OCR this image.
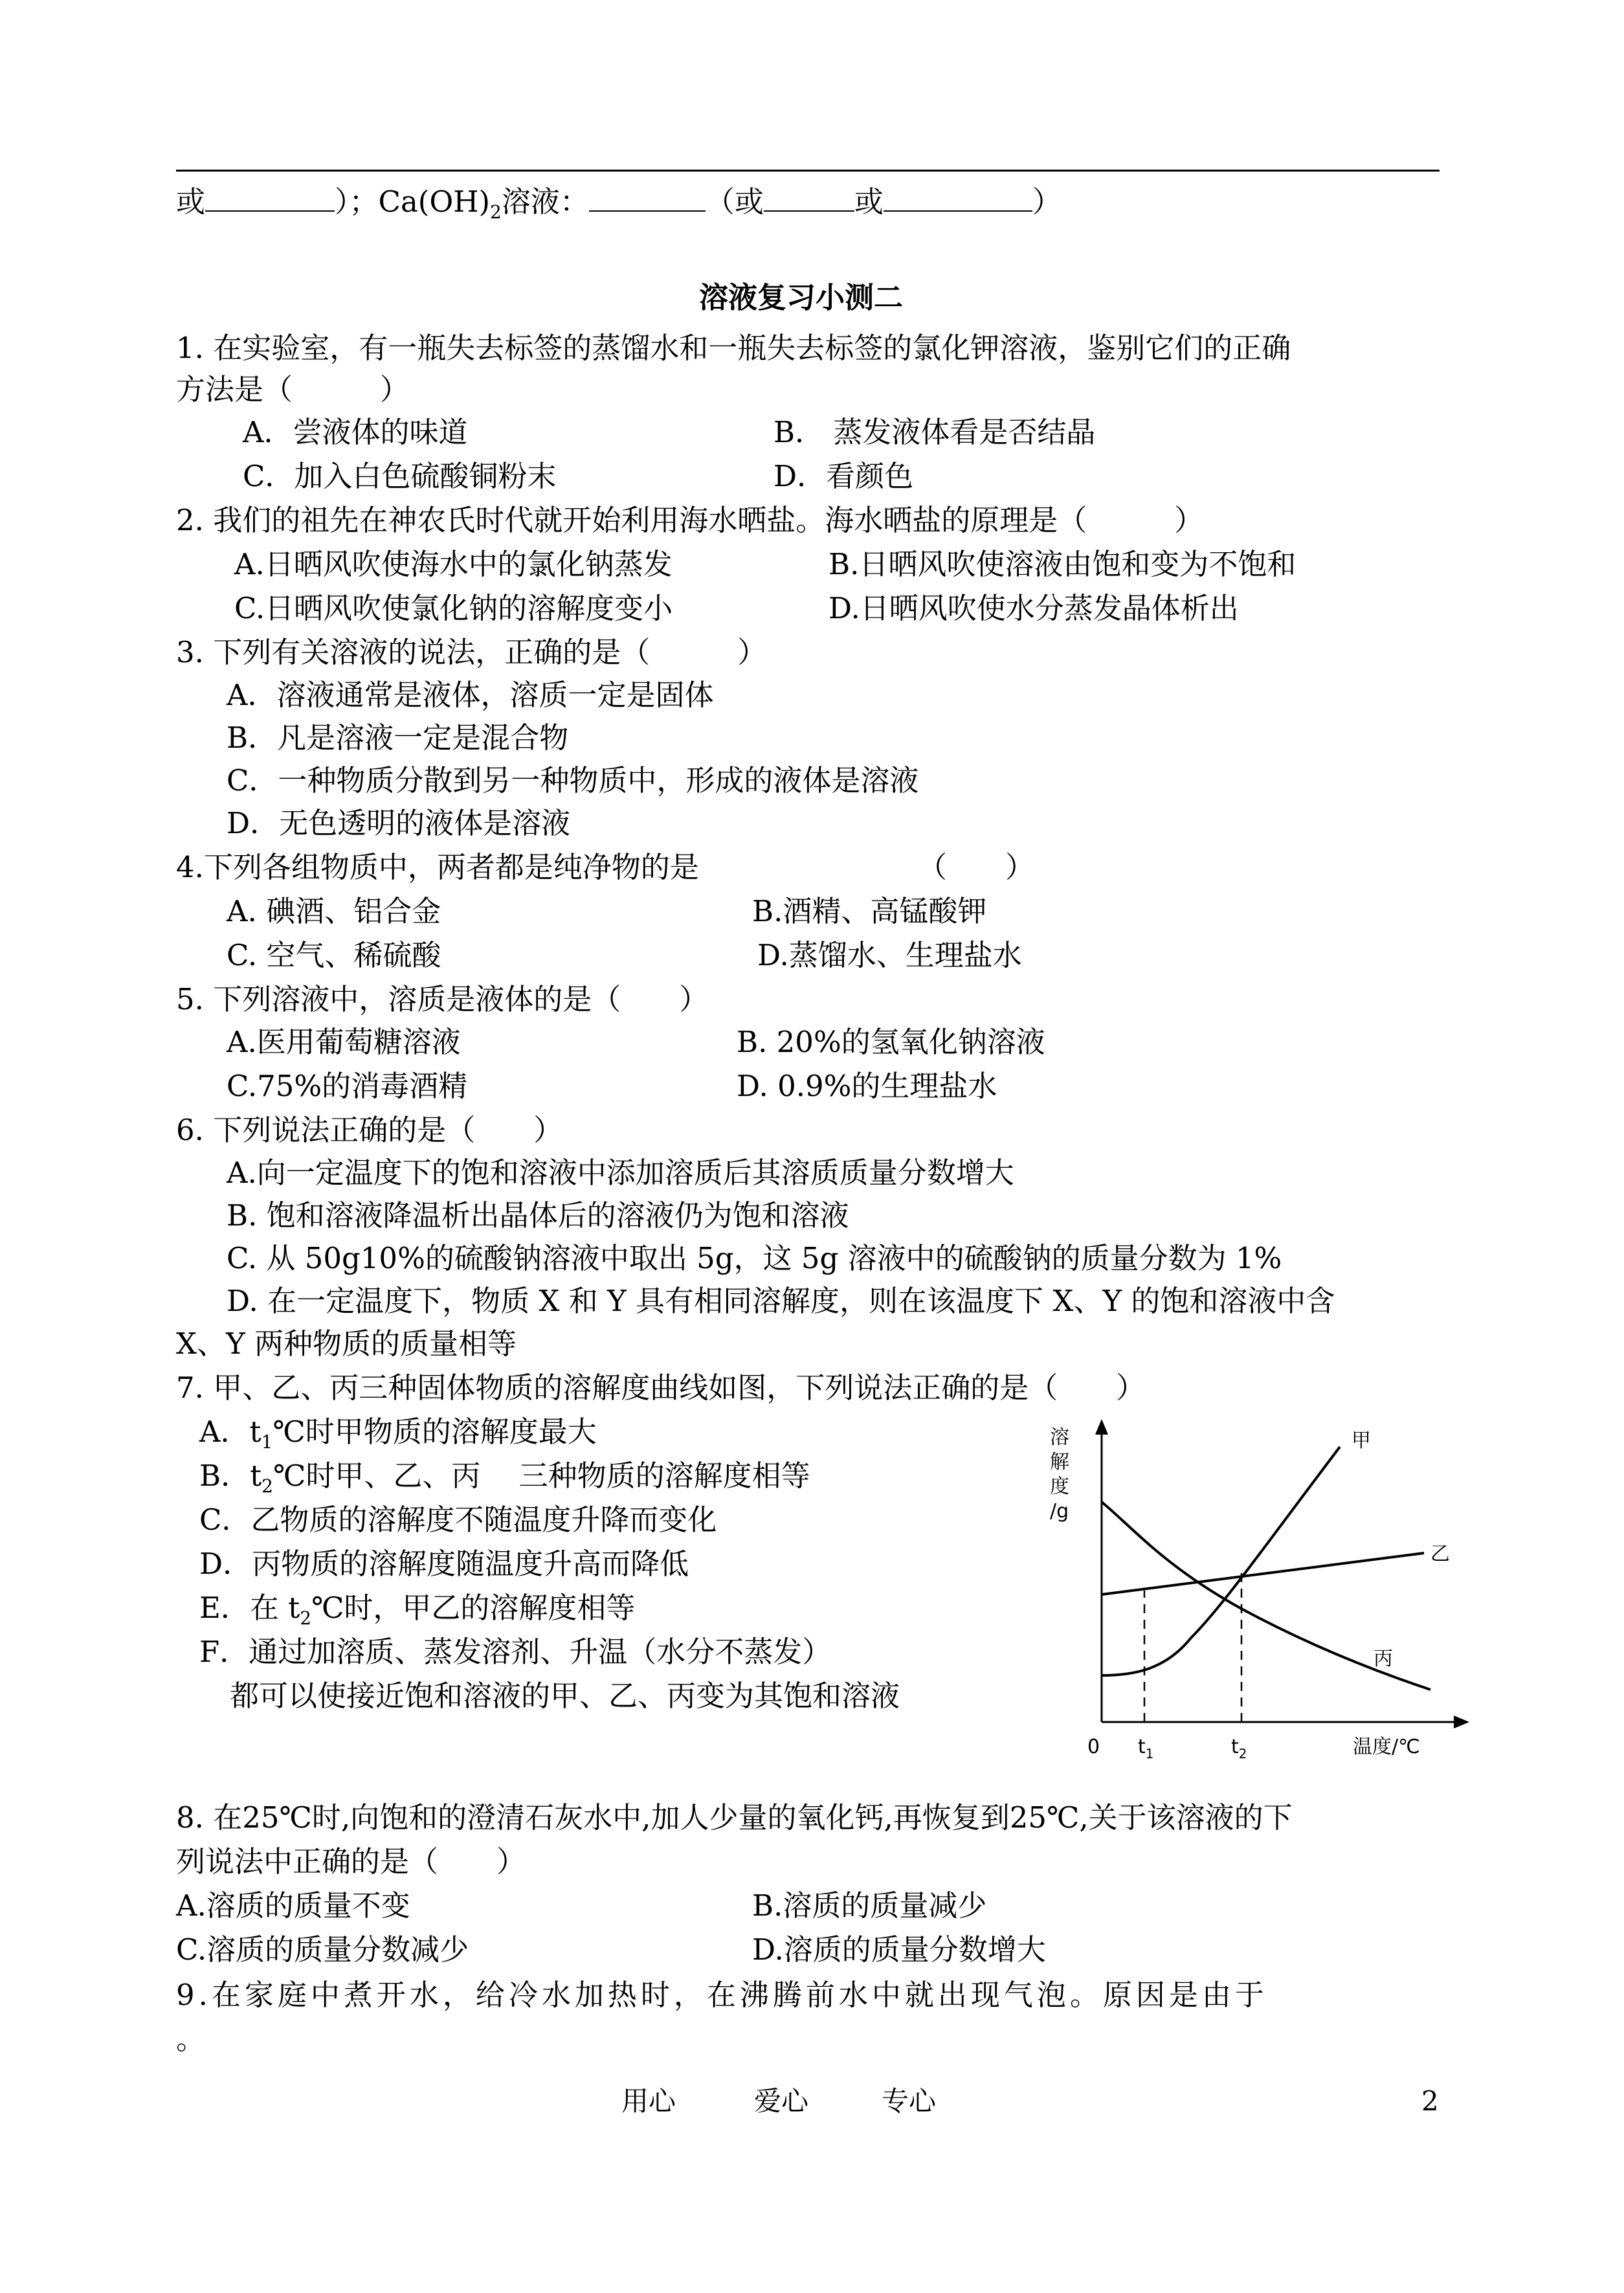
或	）；$Ca(OH)_2$溶液：	（或	或	）
溶液复习小测二
1. 在实验室，有一瓶失去标签的蒸馏水和一瓶失去标签的氯化钾溶液，鉴别它们的正确
方法是（　　　）
A．尝液体的味道	B． 蒸发液体看是否结晶
C．加入白色硫酸铜粉末	D．看颜色
2. 我们的祖先在神农氏时代就开始利用海水晒盐。海水晒盐的原理是（　　　）
A.日晒风吹使海水中的氯化钠蒸发	B.日晒风吹使溶液由饱和变为不饱和
C.日晒风吹使氯化钠的溶解度变小	D.日晒风吹使水分蒸发晶体析出
3. 下列有关溶液的说法，正确的是（　　　）
A．溶液通常是液体，溶质一定是固体
B．凡是溶液一定是混合物
C．一种物质分散到另一种物质中，形成的液体是溶液
D．无色透明的液体是溶液
4.下列各组物质中，两者都是纯净物的是	（　　）
A. 碘酒、铝合金	B.酒精、高锰酸钾
C. 空气、稀硫酸	D.蒸馏水、生理盐水
5. 下列溶液中，溶质是液体的是（　　）
A.医用葡萄糖溶液	B. 20%的氢氧化钠溶液
C.75%的消毒酒精	D. 0.9%的生理盐水
6. 下列说法正确的是（　　）
A.向一定温度下的饱和溶液中添加溶质后其溶质质量分数增大
B. 饱和溶液降温析出晶体后的溶液仍为饱和溶液
C. 从 50g10%的硫酸钠溶液中取出 5g，这 5g 溶液中的硫酸钠的质量分数为 1%
D. 在一定温度下，物质 X 和 Y 具有相同溶解度，则在该温度下 X、Y 的饱和溶液中含
X、Y 两种物质的质量相等
7. 甲、乙、丙三种固体物质的溶解度曲线如图，下列说法正确的是（　　）
A．$t_1℃$时甲物质的溶解度最大
B．$t_2℃$时甲、乙、丙　 三种物质的溶解度相等
C．乙物质的溶解度不随温度升降而变化
D．丙物质的溶解度随温度升高而降低
E．在 $t_2℃$时，甲乙的溶解度相等
F．通过加溶质、蒸发溶剂、升温（水分不蒸发）
都可以使接近饱和溶液的甲、乙、丙变为其饱和溶液
溶
解
度
/g
甲
乙
丙
0 $t_1$	$t_2$	温度/℃
8. 在25℃时,向饱和的澄清石灰水中,加人少量的氧化钙,再恢复到25℃,关于该溶液的下
列说法中正确的是（　　）
A.溶质的质量不变	B.溶质的质量减少
C.溶质的质量分数减少	D.溶质的质量分数增大
9.在家庭中煮开水，给冷水加热时，在沸腾前水中就出现气泡。原因是由于
。
用心	爱心	专心	2
